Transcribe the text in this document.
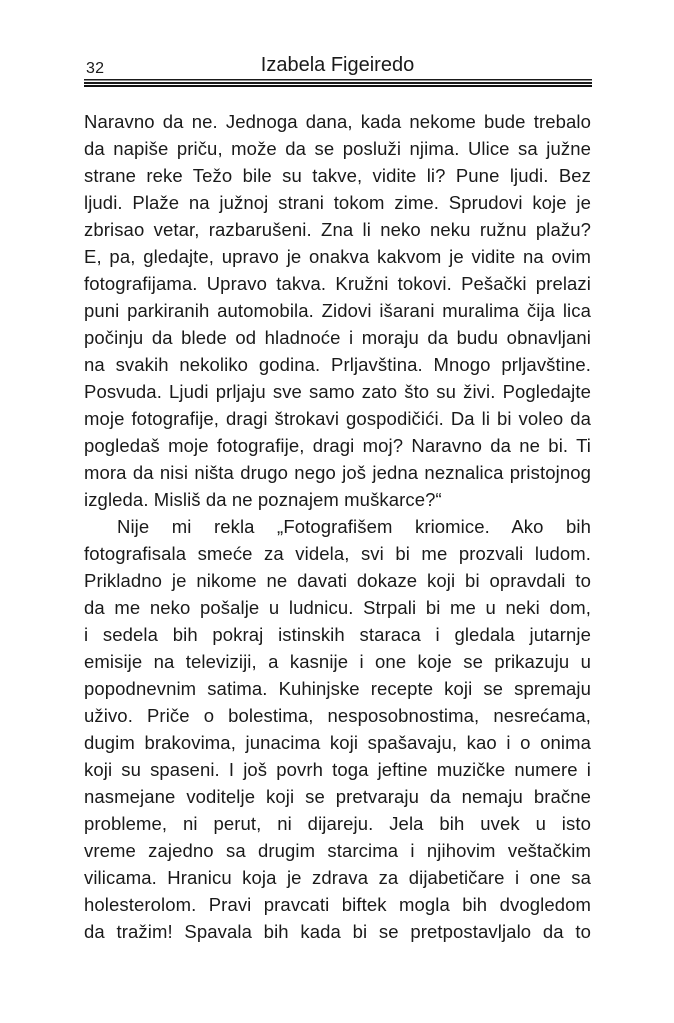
32	Izabela Figeiredo
Naravno da ne. Jednoga dana, kada nekome bude trebalo
da napiše priču, može da se posluži njima. Ulice sa južne
strane reke Težo bile su takve, vidite li? Pune ljudi. Bez
ljudi. Plaže na južnoj strani tokom zime. Sprudovi koje je
zbrisao vetar, razbarušeni. Zna li neko neku ružnu plažu?
E, pa, gledajte, upravo je onakva kakvom je vidite na ovim
fotografijama. Upravo takva. Kružni tokovi. Pešački prelazi
puni parkiranih automobila. Zidovi išarani muralima čija lica
počinju da blede od hladnoće i moraju da budu obnavljani
na svakih nekoliko godina. Prljavština. Mnogo prljavštine.
Posvuda. Ljudi prljaju sve samo zato što su živi. Pogledajte
moje fotografije, dragi štrokavi gospodičići. Da li bi voleo da
pogledaš moje fotografije, dragi moj? Naravno da ne bi. Ti
mora da nisi ništa drugo nego još jedna neznalica pristojnog
izgleda. Misliš da ne poznajem muškarce?“
Nije mi rekla „Fotografišem kriomice. Ako bih
fotografisala smeće za videla, svi bi me prozvali ludom.
Prikladno je nikome ne davati dokaze koji bi opravdali to
da me neko pošalje u ludnicu. Strpali bi me u neki dom,
i sedela bih pokraj istinskih staraca i gledala jutarnje
emisije na televiziji, a kasnije i one koje se prikazuju u
popodnevnim satima. Kuhinjske recepte koji se spremaju
uživo. Priče o bolestima, nesposobnostima, nesrećama,
dugim brakovima, junacima koji spašavaju, kao i o onima
koji su spaseni. I još povrh toga jeftine muzičke numere i
nasmejane voditelje koji se pretvaraju da nemaju bračne
probleme, ni perut, ni dijareju. Jela bih uvek u isto
vreme zajedno sa drugim starcima i njihovim veštačkim
vilicama. Hranicu koja je zdrava za dijabetičare i one sa
holesterolom. Pravi pravcati biftek mogla bih dvogledom
da tražim! Spavala bih kada bi se pretpostavljalo da to
